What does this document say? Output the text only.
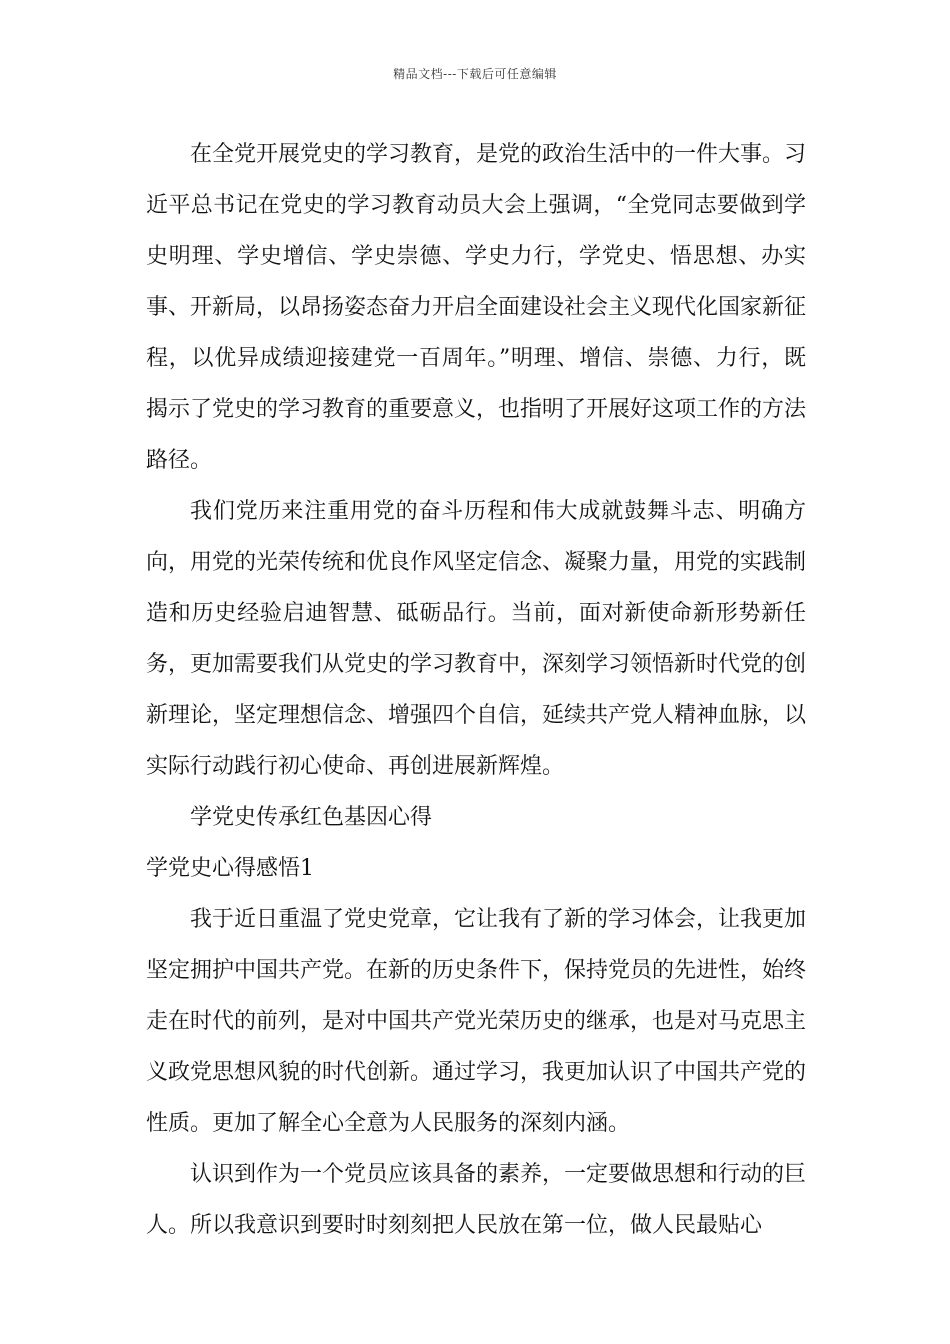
精品文档---下载后可任意编辑

在全党开展党史的学习教育，是党的政治生活中的一件大事。习近平总书记在党史的学习教育动员大会上强调，“全党同志要做到学史明理、学史增信、学史崇德、学史力行，学党史、悟思想、办实事、开新局，以昂扬姿态奋力开启全面建设社会主义现代化国家新征程，以优异成绩迎接建党一百周年。”明理、增信、崇德、力行，既揭示了党史的学习教育的重要意义，也指明了开展好这项工作的方法路径。

我们党历来注重用党的奋斗历程和伟大成就鼓舞斗志、明确方向，用党的光荣传统和优良作风坚定信念、凝聚力量，用党的实践制造和历史经验启迪智慧、砥砺品行。当前，面对新使命新形势新任务，更加需要我们从党史的学习教育中，深刻学习领悟新时代党的创新理论，坚定理想信念、增强四个自信，延续共产党人精神血脉，以实际行动践行初心使命、再创进展新辉煌。

学党史传承红色基因心得

学党史心得感悟1

我于近日重温了党史党章，它让我有了新的学习体会，让我更加坚定拥护中国共产党。在新的历史条件下，保持党员的先进性，始终走在时代的前列，是对中国共产党光荣历史的继承，也是对马克思主义政党思想风貌的时代创新。通过学习，我更加认识了中国共产党的性质。更加了解全心全意为人民服务的深刻内涵。

认识到作为一个党员应该具备的素养，一定要做思想和行动的巨人。所以我意识到要时时刻刻把人民放在第一位，做人民最贴心
